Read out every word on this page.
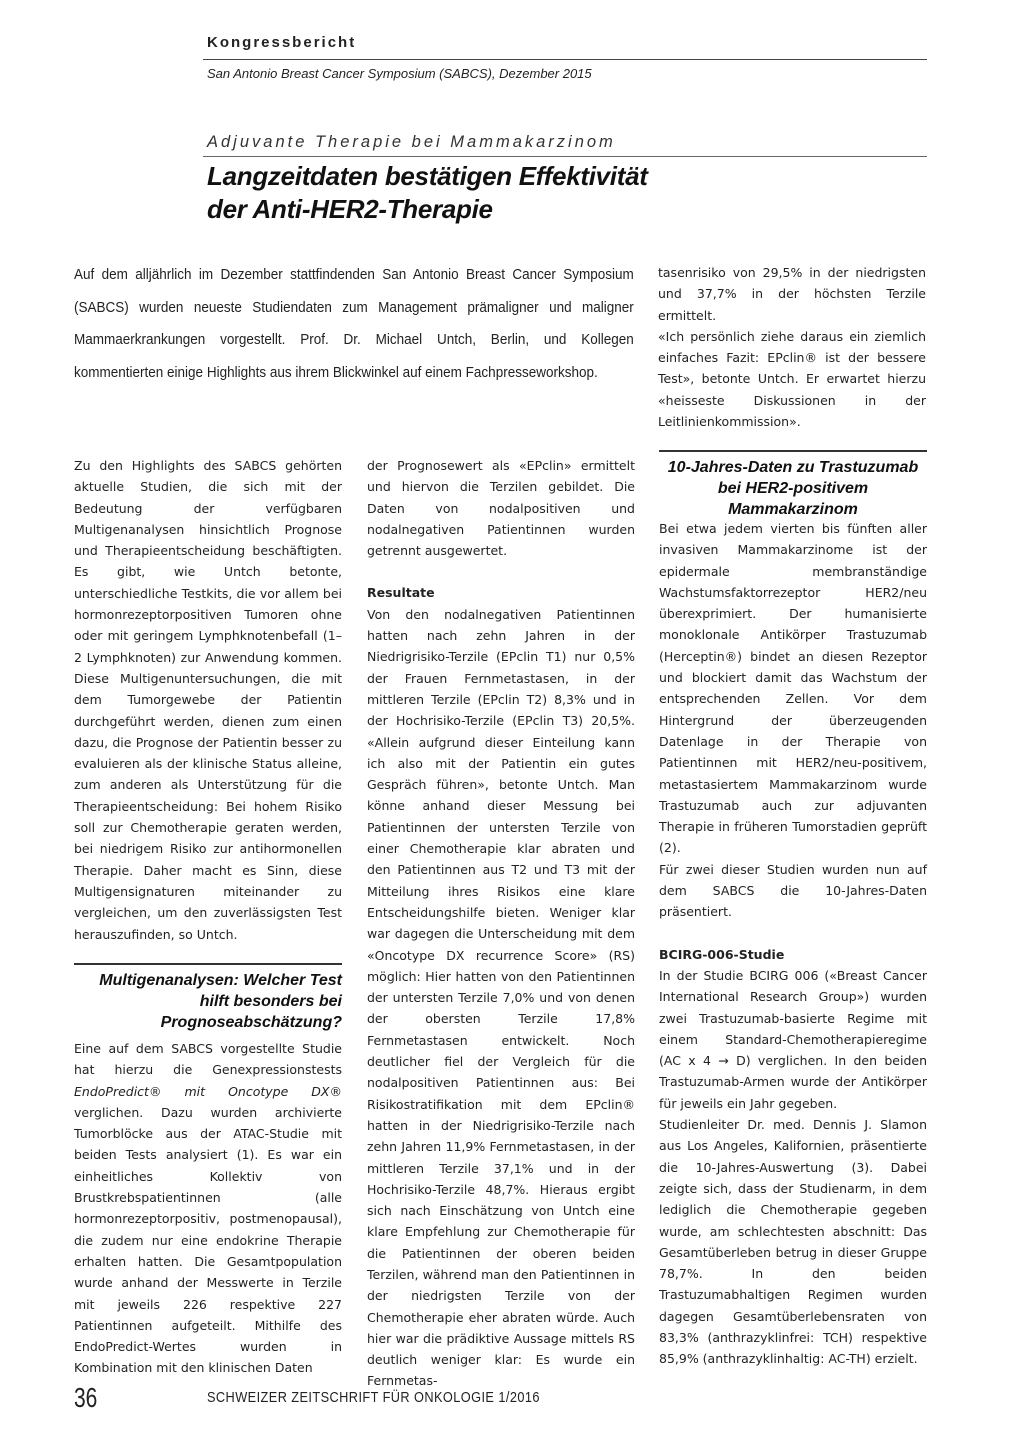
Kongressbericht
San Antonio Breast Cancer Symposium (SABCS), Dezember 2015
Adjuvante Therapie bei Mammakarzinom
Langzeitdaten bestätigen Effektivität
der Anti-HER2-Therapie
Auf dem alljährlich im Dezember stattfindenden San Antonio Breast Cancer Symposium (SABCS) wurden neueste Studiendaten zum Management prämaligner und maligner Mammaerkrankungen vorgestellt. Prof. Dr. Michael Untch, Berlin, und Kollegen kommentierten einige Highlights aus ihrem Blickwinkel auf einem Fachpresseworkshop.

tasenrisiko von 29,5% in der niedrigsten und 37,7% in der höchsten Terzile ermittelt.

«Ich persönlich ziehe daraus ein ziemlich einfaches Fazit: EPclin® ist der bessere Test», betonte Untch. Er erwartet hierzu «heisseste Diskussionen in der Leitlinienkommission».

Zu den Highlights des SABCS gehörten aktuelle Studien, die sich mit der Bedeutung der verfügbaren Multigenanalysen hinsichtlich Prognose und Therapieentscheidung beschäftigten. Es gibt, wie Untch betonte, unterschiedliche Testkits, die vor allem bei hormonrezeptorpositiven Tumoren ohne oder mit geringem Lymphknotenbefall (1–2 Lymphknoten) zur Anwendung kommen. Diese Multigenuntersuchungen, die mit dem Tumorgewebe der Patientin durchgeführt werden, dienen zum einen dazu, die Prognose der Patientin besser zu evaluieren als der klinische Status alleine, zum anderen als Unterstützung für die Therapieentscheidung: Bei hohem Risiko soll zur Chemotherapie geraten werden, bei niedrigem Risiko zur antihormonellen Therapie. Daher macht es Sinn, diese Multigensignaturen miteinander zu vergleichen, um den zuverlässigsten Test herauszufinden, so Untch.

Multigenanalysen: Welcher Test hilft besonders bei Prognoseabschätzung?

Eine auf dem SABCS vorgestellte Studie hat hierzu die Genexpressionstests EndoPredict® mit Oncotype DX® verglichen. Dazu wurden archivierte Tumorblöcke aus der ATAC-Studie mit beiden Tests analysiert (1). Es war ein einheitliches Kollektiv von Brustkrebspatientinnen (alle hormonrezeptorpositiv, postmenopausal), die zudem nur eine endokrine Therapie erhalten hatten. Die Gesamtpopulation wurde anhand der Messwerte in Terzile mit jeweils 226 respektive 227 Patientinnen aufgeteilt. Mithilfe des EndoPredict-Wertes wurden in Kombination mit den klinischen Daten

der Prognosewert als «EPclin» ermittelt und hiervon die Terzilen gebildet. Die Daten von nodalpositiven und nodalnegativen Patientinnen wurden getrennt ausgewertet.

Resultate

Von den nodalnegativen Patientinnen hatten nach zehn Jahren in der Niedrigrisiko-Terzile (EPclin T1) nur 0,5% der Frauen Fernmetastasen, in der mittleren Terzile (EPclin T2) 8,3% und in der Hochrisiko-Terzile (EPclin T3) 20,5%. «Allein aufgrund dieser Einteilung kann ich also mit der Patientin ein gutes Gespräch führen», betonte Untch. Man könne anhand dieser Messung bei Patientinnen der untersten Terzile von einer Chemotherapie klar abraten und den Patientinnen aus T2 und T3 mit der Mitteilung ihres Risikos eine klare Entscheidungshilfe bieten. Weniger klar war dagegen die Unterscheidung mit dem «Oncotype DX recurrence Score» (RS) möglich: Hier hatten von den Patientinnen der untersten Terzile 7,0% und von denen der obersten Terzile 17,8% Fernmetastasen entwickelt. Noch deutlicher fiel der Vergleich für die nodalpositiven Patientinnen aus: Bei Risikostratifikation mit dem EPclin® hatten in der Niedrigrisiko-Terzile nach zehn Jahren 11,9% Fernmetastasen, in der mittleren Terzile 37,1% und in der Hochrisiko-Terzile 48,7%. Hieraus ergibt sich nach Einschätzung von Untch eine klare Empfehlung zur Chemotherapie für die Patientinnen der oberen beiden Terzilen, während man den Patientinnen in der niedrigsten Terzile von der Chemotherapie eher abraten würde. Auch hier war die prädiktive Aussage mittels RS deutlich weniger klar: Es wurde ein Fernmetas-

10-Jahres-Daten zu Trastuzumab bei HER2-positivem Mammakarzinom

Bei etwa jedem vierten bis fünften aller invasiven Mammakarzinome ist der epidermale membranständige Wachstumsfaktorrezeptor HER2/neu überexprimiert. Der humanisierte monoklonale Antikörper Trastuzumab (Herceptin®) bindet an diesen Rezeptor und blockiert damit das Wachstum der entsprechenden Zellen. Vor dem Hintergrund der überzeugenden Datenlage in der Therapie von Patientinnen mit HER2/neu-positivem, metastasiertem Mammakarzinom wurde Trastuzumab auch zur adjuvanten Therapie in früheren Tumorstadien geprüft (2).

Für zwei dieser Studien wurden nun auf dem SABCS die 10-Jahres-Daten präsentiert.

BCIRG-006-Studie

In der Studie BCIRG 006 («Breast Cancer International Research Group») wurden zwei Trastuzumab-basierte Regime mit einem Standard-Chemotherapieregime (AC x 4 → D) verglichen. In den beiden Trastuzumab-Armen wurde der Antikörper für jeweils ein Jahr gegeben.

Studienleiter Dr. med. Dennis J. Slamon aus Los Angeles, Kalifornien, präsentierte die 10-Jahres-Auswertung (3). Dabei zeigte sich, dass der Studienarm, in dem lediglich die Chemotherapie gegeben wurde, am schlechtesten abschnitt: Das Gesamtüberleben betrug in dieser Gruppe 78,7%. In den beiden Trastuzumabhaltigen Regimen wurden dagegen Gesamtüberlebensraten von 83,3% (anthrazyklinfrei: TCH) respektive 85,9% (anthrazyklinhaltig: AC-TH) erzielt.

36	SCHWEIZER ZEITSCHRIFT FÜR ONKOLOGIE 1/2016
